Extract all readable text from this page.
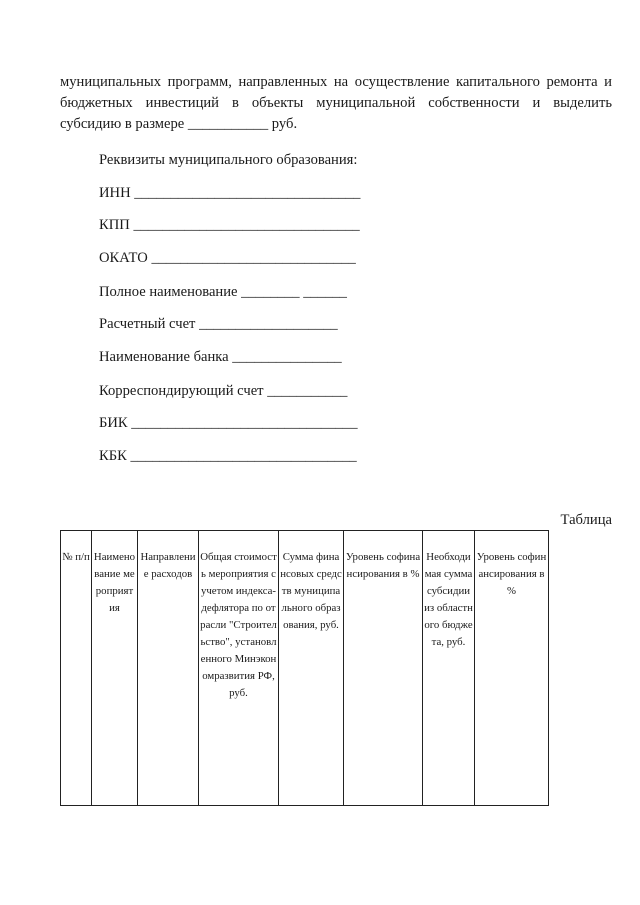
муниципальных программ, направленных на осуществление капитального ремонта и
бюджетных инвестиций в объекты муниципальной собственности и выделить
субсидию в размере ___________ руб.
Реквизиты муниципального образования:
ИНН _______________________________
КПП _______________________________
ОКАТО ____________________________
Полное наименование ________ ______
Расчетный счет ___________________
Наименование банка _______________
Корреспондирующий счет ___________
БИК _______________________________
КБК _______________________________
Таблица
№ п/п	Наименование мероприятия	Направление расходов	Общая стоимость мероприятия с учетом индекса-дефлятора по отрасли "Строительство", установленного Минэкономразвития РФ, руб.	Сумма финансовых средств муниципального образования, руб.	Уровень софинансирования в %	Необходимая сумма субсидии из областного бюджета, руб.	Уровень софинансирования в %
